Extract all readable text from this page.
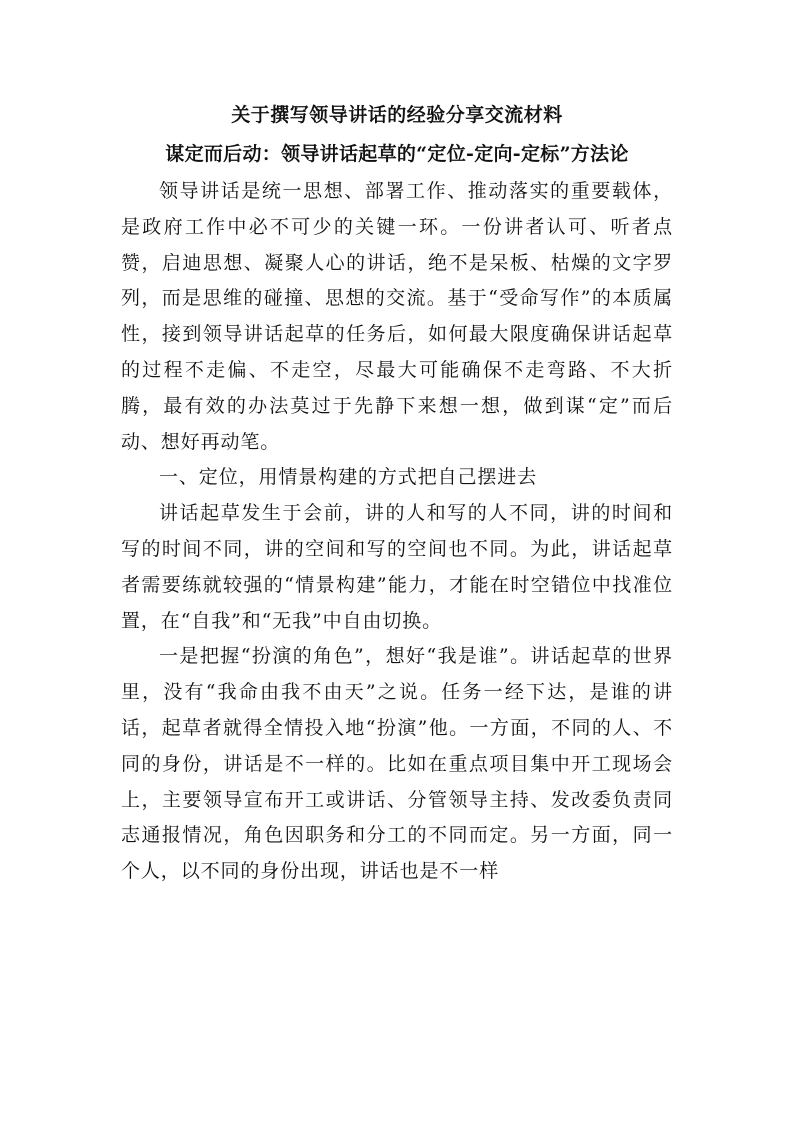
关于撰写领导讲话的经验分享交流材料
谋定而后动：领导讲话起草的“定位-定向-定标”方法论

领导讲话是统一思想、部署工作、推动落实的重要载体，是政府工作中必不可少的关键一环。一份讲者认可、听者点赞，启迪思想、凝聚人心的讲话，绝不是呆板、枯燥的文字罗列，而是思维的碰撞、思想的交流。基于“受命写作”的本质属性，接到领导讲话起草的任务后，如何最大限度确保讲话起草的过程不走偏、不走空，尽最大可能确保不走弯路、不大折腾，最有效的办法莫过于先静下来想一想，做到谋“定”而后动、想好再动笔。

一、定位，用情景构建的方式把自己摆进去

讲话起草发生于会前，讲的人和写的人不同，讲的时间和写的时间不同，讲的空间和写的空间也不同。为此，讲话起草者需要练就较强的“情景构建”能力，才能在时空错位中找准位置，在“自我”和“无我”中自由切换。

一是把握“扮演的角色”，想好“我是谁”。讲话起草的世界里，没有“我命由我不由天”之说。任务一经下达，是谁的讲话，起草者就得全情投入地“扮演”他。一方面，不同的人、不同的身份，讲话是不一样的。比如在重点项目集中开工现场会上，主要领导宣布开工或讲话、分管领导主持、发改委负责同志通报情况，角色因职务和分工的不同而定。另一方面，同一个人，以不同的身份出现，讲话也是不一样
